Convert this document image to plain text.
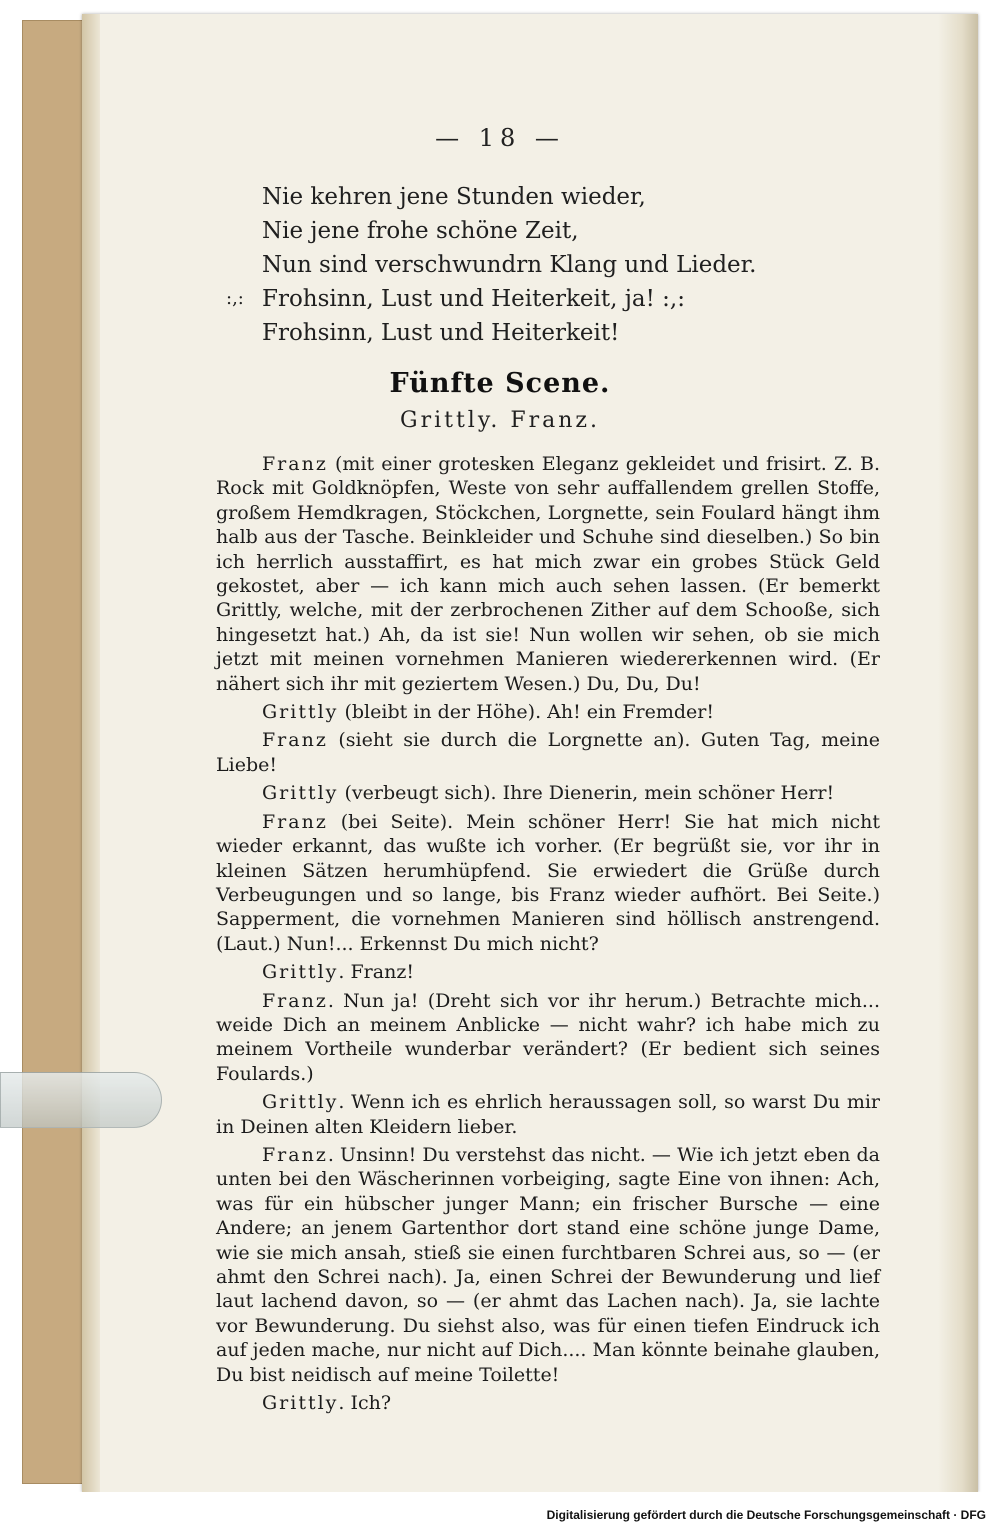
— 18 —
Nie kehren jene Stunden wieder,
Nie jene frohe schöne Zeit,
Nun sind verschwundrn Klang und Lieder.
:,: Frohsinn, Lust und Heiterkeit, ja! :,:
Frohsinn, Lust und Heiterkeit!
Fünfte Scene.
Grittly. Franz.

Franz (mit einer grotesken Eleganz gekleidet und frisirt. Z. B. Rock mit Goldknöpfen, Weste von sehr auffallendem grellen Stoffe, großem Hemdkragen, Stöckchen, Lorgnette, sein Foulard hängt ihm halb aus der Tasche. Beinkleider und Schuhe sind dieselben.) So bin ich herrlich ausstaffirt, es hat mich zwar ein grobes Stück Geld gekostet, aber — ich kann mich auch sehen lassen. (Er bemerkt Grittly, welche, mit der zerbrochenen Zither auf dem Schooße, sich hingesetzt hat.) Ah, da ist sie! Nun wollen wir sehen, ob sie mich jetzt mit meinen vornehmen Manieren wiedererkennen wird. (Er nähert sich ihr mit geziertem Wesen.) Du, Du, Du!

Grittly (bleibt in der Höhe). Ah! ein Fremder!

Franz (sieht sie durch die Lorgnette an). Guten Tag, meine Liebe!

Grittly (verbeugt sich). Ihre Dienerin, mein schöner Herr!

Franz (bei Seite). Mein schöner Herr! Sie hat mich nicht wieder erkannt, das wußte ich vorher. (Er begrüßt sie, vor ihr in kleinen Sätzen herumhüpfend. Sie erwiedert die Grüße durch Verbeugungen und so lange, bis Franz wieder aufhört. Bei Seite.) Sapperment, die vornehmen Manieren sind höllisch anstrengend. (Laut.) Nun!... Erkennst Du mich nicht?

Grittly. Franz!

Franz. Nun ja! (Dreht sich vor ihr herum.) Betrachte mich... weide Dich an meinem Anblicke — nicht wahr? ich habe mich zu meinem Vortheile wunderbar verändert? (Er bedient sich seines Foulards.)

Grittly. Wenn ich es ehrlich heraussagen soll, so warst Du mir in Deinen alten Kleidern lieber.

Franz. Unsinn! Du verstehst das nicht. — Wie ich jetzt eben da unten bei den Wäscherinnen vorbeiging, sagte Eine von ihnen: Ach, was für ein hübscher junger Mann; ein frischer Bursche — eine Andere; an jenem Gartenthor dort stand eine schöne junge Dame, wie sie mich ansah, stieß sie einen furchtbaren Schrei aus, so — (er ahmt den Schrei nach). Ja, einen Schrei der Bewunderung und lief laut lachend davon, so — (er ahmt das Lachen nach). Ja, sie lachte vor Bewunderung. Du siehst also, was für einen tiefen Eindruck ich auf jeden mache, nur nicht auf Dich.... Man könnte beinahe glauben, Du bist neidisch auf meine Toilette!

Grittly. Ich?

Digitalisierung gefördert durch die Deutsche Forschungsgemeinschaft · DFG
